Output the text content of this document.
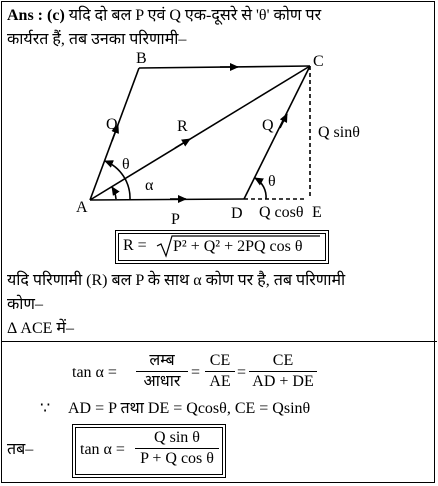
Ans : (c) यदि दो बल P एवं Q एक-दूसरे से 'θ' कोण पर
कार्यरत हैं, तब उनका परिणामी–
B	C
A	D	E
Q	R	Q
P
θ
α	θ
Q sinθ
Q cosθ
R = P² + Q² + 2PQ cos θ
यदि परिणामी (R) बल P के साथ α कोण पर है, तब परिणामी
कोण–
Δ ACE में–
tan α =
लम्ब
आधार
=
CE
AE
=
CE
AD + DE
∵ AD = P तथा DE = Qcosθ, CE = Qsinθ
तब–	tan α =
Q sin θ
P + Q cos θ
